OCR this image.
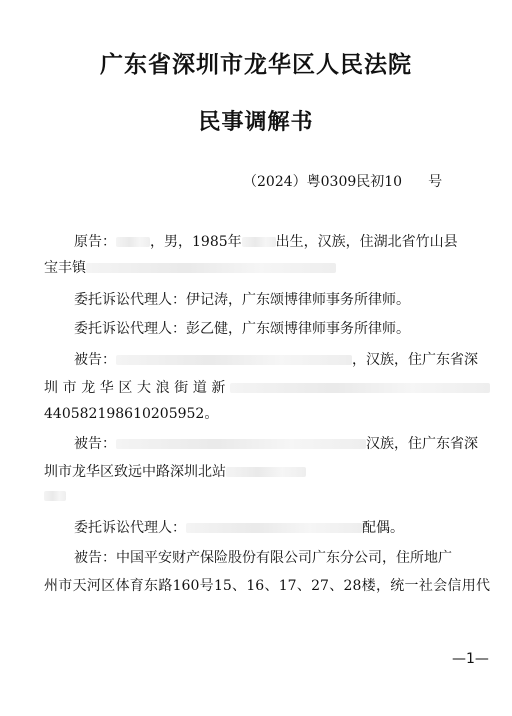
广东省深圳市龙华区人民法院
民事调解书
（2024）粤0309民初10 号
原告： ，男，1985年 出生，汉族，住湖北省竹山县
宝丰镇
委托诉讼代理人：伊记涛，广东颂博律师事务所律师。
委托诉讼代理人：彭乙健，广东颂博律师事务所律师。
被告：	，汉族，住广东省深
圳市龙华区大浪街道新
440582198610205952。
被告：	汉族，住广东省深
圳市龙华区致远中路深圳北站
委托诉讼代理人：	配偶。
被告：中国平安财产保险股份有限公司广东分公司，住所地广
州市天河区体育东路160号15、16、17、27、28楼，统一社会信用代
—1—
